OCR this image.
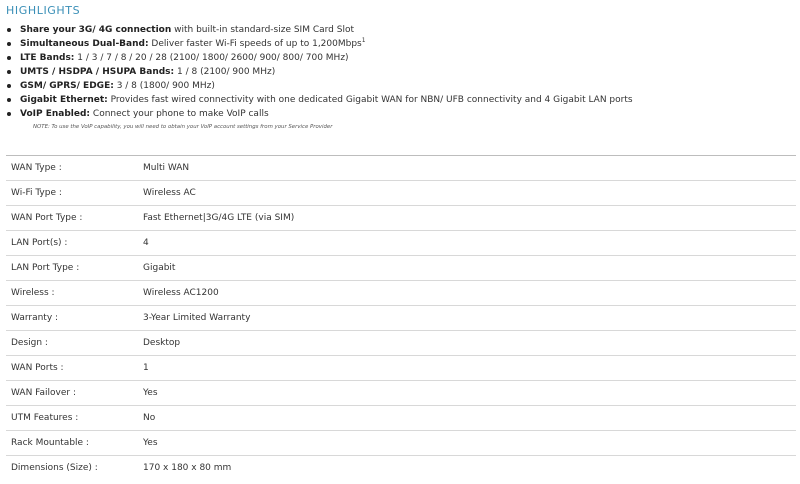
HIGHLIGHTS
Share your 3G/ 4G connection with built-in standard-size SIM Card Slot
Simultaneous Dual-Band: Deliver faster Wi-Fi speeds of up to 1,200Mbps$^1$
LTE Bands: 1 / 3 / 7 / 8 / 20 / 28 (2100/ 1800/ 2600/ 900/ 800/ 700 MHz)
UMTS / HSDPA / HSUPA Bands: 1 / 8 (2100/ 900 MHz)
GSM/ GPRS/ EDGE: 3 / 8 (1800/ 900 MHz)
Gigabit Ethernet: Provides fast wired connectivity with one dedicated Gigabit WAN for NBN/ UFB connectivity and 4 Gigabit LAN ports
VoIP Enabled: Connect your phone to make VoIP calls
NOTE: To use the VoIP capability, you will need to obtain your VoIP account settings from your Service Provider
WAN Type :	Multi WAN
Wi-Fi Type :	Wireless AC
WAN Port Type :	Fast Ethernet|3G/4G LTE (via SIM)
LAN Port(s) :	4
LAN Port Type :	Gigabit
Wireless :	Wireless AC1200
Warranty :	3-Year Limited Warranty
Design :	Desktop
WAN Ports :	1
WAN Failover :	Yes
UTM Features :	No
Rack Mountable :	Yes
Dimensions (Size) :	170 x 180 x 80 mm
